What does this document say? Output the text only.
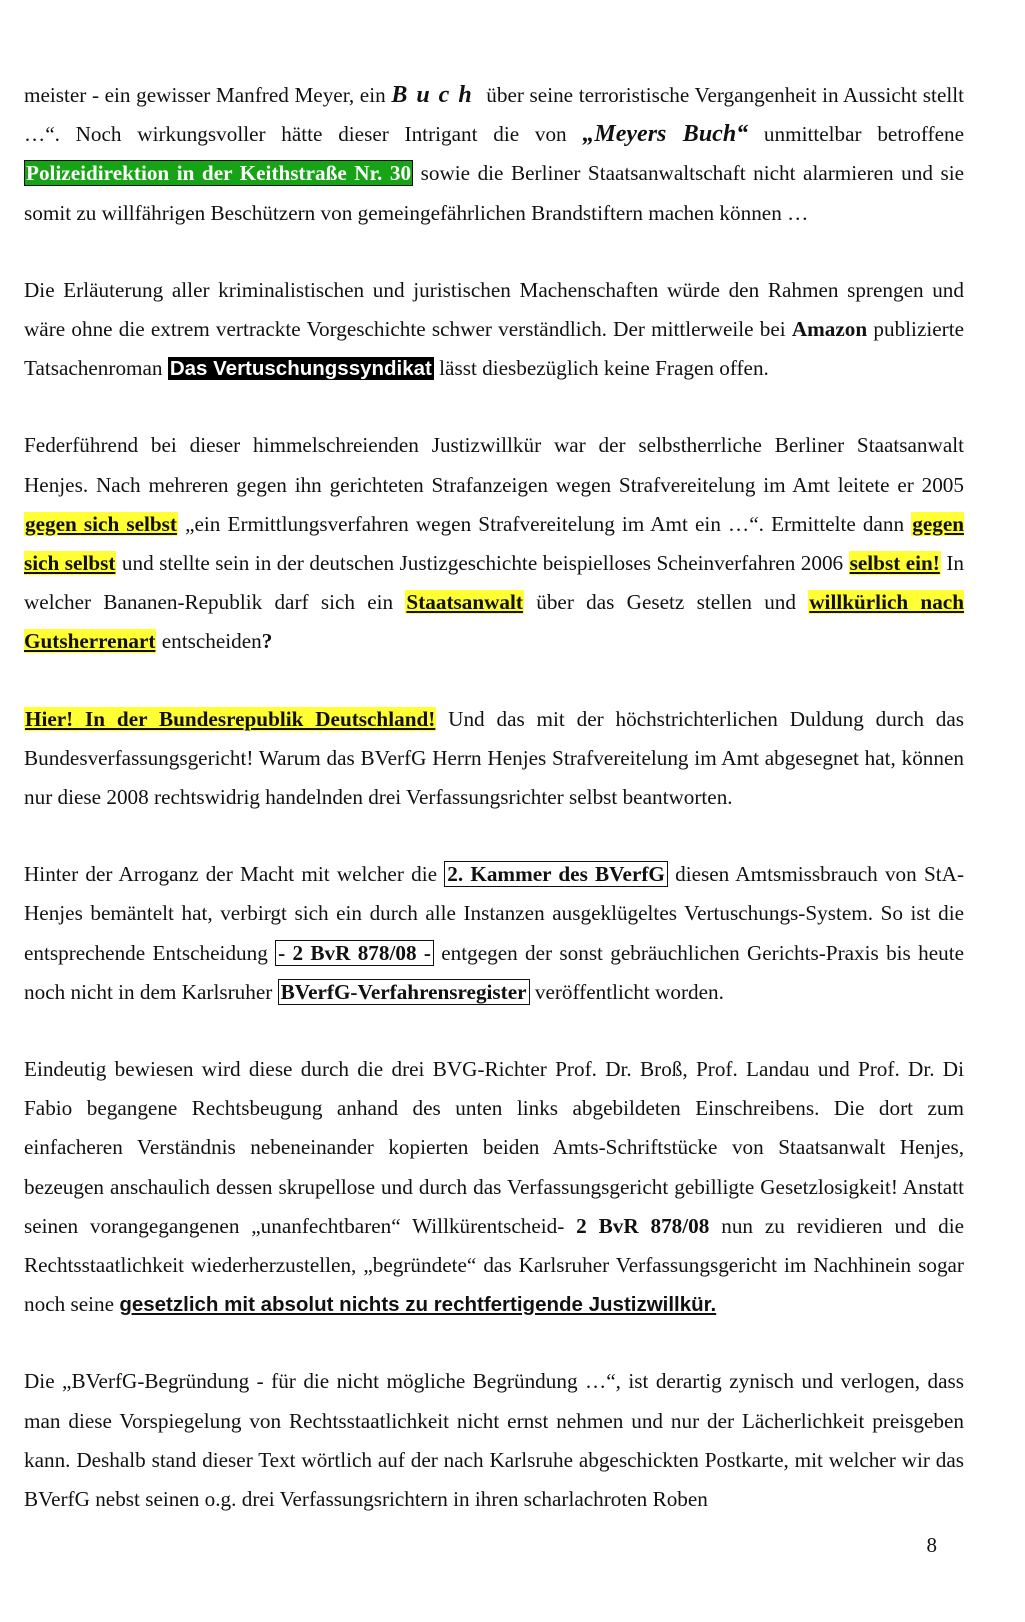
meister - ein gewisser Manfred Meyer, ein Buch über seine terroristische Vergangenheit in Aussicht stellt …“. Noch wirkungsvoller hätte dieser Intrigant die von „Meyers Buch“ unmittelbar betroffene Polizeidirektion in der Keithstraße Nr. 30 sowie die Berliner Staatsanwaltschaft nicht alarmieren und sie somit zu willfährigen Beschützern von gemeingefährlichen Brandstiftern machen können …

Die Erläuterung aller kriminalistischen und juristischen Machenschaften würde den Rahmen sprengen und wäre ohne die extrem vertrackte Vorgeschichte schwer verständlich. Der mittlerweile bei Amazon publizierte Tatsachenroman Das Vertuschungssyndikat lässt diesbezüglich keine Fragen offen.

Federführend bei dieser himmelschreienden Justizwillkür war der selbstherrliche Berliner Staatsanwalt Henjes. Nach mehreren gegen ihn gerichteten Strafanzeigen wegen Strafvereitelung im Amt leitete er 2005 gegen sich selbst „ein Ermittlungsverfahren wegen Strafvereitelung im Amt ein …“. Ermittelte dann gegen sich selbst und stellte sein in der deutschen Justizgeschichte beispielloses Scheinverfahren 2006 selbst ein! In welcher Bananen-Republik darf sich ein Staatsanwalt über das Gesetz stellen und willkürlich nach Gutsherrenart entscheiden?

Hier! In der Bundesrepublik Deutschland! Und das mit der höchstrichterlichen Duldung durch das Bundesverfassungsgericht! Warum das BVerfG Herrn Henjes Strafvereitelung im Amt abgesegnet hat, können nur diese 2008 rechtswidrig handelnden drei Verfassungsrichter selbst beantworten.

Hinter der Arroganz der Macht mit welcher die 2. Kammer des BVerfG diesen Amtsmissbrauch von StA-Henjes bemäntelt hat, verbirgt sich ein durch alle Instanzen ausgeklügeltes Vertuschungs-System. So ist die entsprechende Entscheidung - 2 BvR 878/08 - entgegen der sonst gebräuchlichen Gerichts-Praxis bis heute noch nicht in dem Karlsruher BVerfG-Verfahrensregister veröffentlicht worden.

Eindeutig bewiesen wird diese durch die drei BVG-Richter Prof. Dr. Broß, Prof. Landau und Prof. Dr. Di Fabio begangene Rechtsbeugung anhand des unten links abgebildeten Einschreibens. Die dort zum einfacheren Verständnis nebeneinander kopierten beiden Amts-Schriftstücke von Staatsanwalt Henjes, bezeugen anschaulich dessen skrupellose und durch das Verfassungsgericht gebilligte Gesetzlosigkeit! Anstatt seinen vorangegangenen „unanfechtbaren“ Willkürentscheid- 2 BvR 878/08 nun zu revidieren und die Rechtsstaatlichkeit wiederherzustellen, „begründete“ das Karlsruher Verfassungsgericht im Nachhinein sogar noch seine gesetzlich mit absolut nichts zu rechtfertigende Justizwillkür.

Die „BVerfG-Begründung - für die nicht mögliche Begründung …“, ist derartig zynisch und verlogen, dass man diese Vorspiegelung von Rechtsstaatlichkeit nicht ernst nehmen und nur der Lächerlichkeit preisgeben kann. Deshalb stand dieser Text wörtlich auf der nach Karlsruhe abgeschickten Postkarte, mit welcher wir das BVerfG nebst seinen o.g. drei Verfassungsrichtern in ihren scharlachroten Roben

8
